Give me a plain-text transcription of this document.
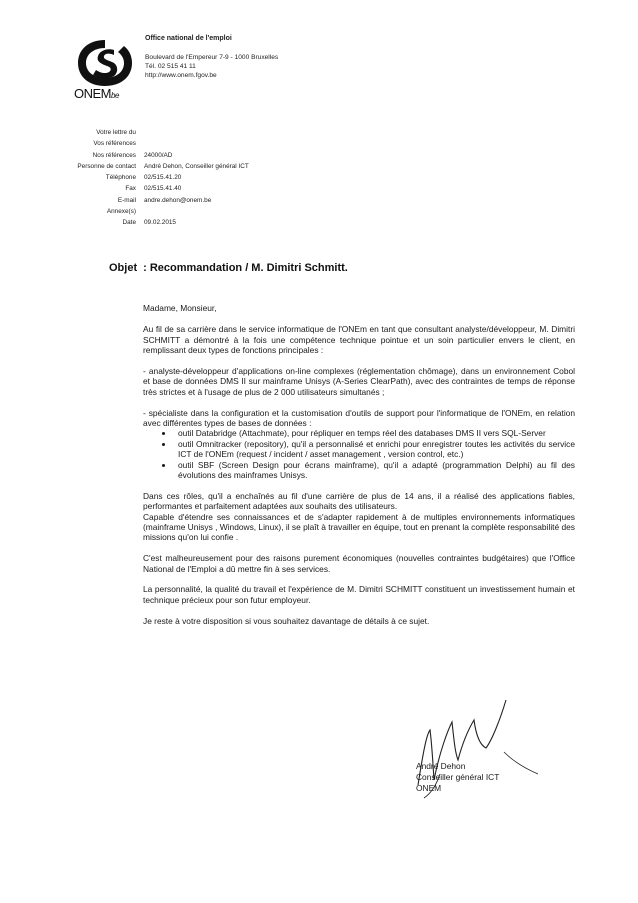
ONEMbe
Office national de l'emploi
Boulevard de l'Empereur 7-9 - 1000 Bruxelles
Tél. 02 515 41 11
http://www.onem.fgov.be
Votre lettre du
Vos références
Nos références	24000/AD
Personne de contact	André Dehon, Conseiller général ICT
Téléphone	02/515.41.20
Fax	02/515.41.40
E-mail	andre.dehon@onem.be
Annexe(s)
Date	09.02.2015
Objet : Recommandation / M. Dimitri Schmitt.

Madame, Monsieur,

Au fil de sa carrière dans le service informatique de l'ONEm en tant que consultant analyste/développeur, M. Dimitri SCHMITT a démontré à la fois une compétence technique pointue et un soin particulier envers le client, en remplissant deux types de fonctions principales :

- analyste-développeur d'applications on-line complexes (réglementation chômage), dans un environnement Cobol et base de données DMS II sur mainframe Unisys (A-Series ClearPath), avec des contraintes de temps de réponse très strictes et à l'usage de plus de 2 000 utilisateurs simultanés ;

- spécialiste dans la configuration et la customisation d'outils de support pour l'informatique de l'ONEm, en relation avec différentes types de bases de données :

• outil Databridge (Attachmate), pour répliquer en temps réel des databases DMS II vers SQL-Server
• outil Omnitracker (repository), qu'il a personnalisé et enrichi pour enregistrer toutes les activités du service ICT de l'ONEm (request / incident / asset management , version control, etc.)
• outil SBF (Screen Design pour écrans mainframe), qu'il a adapté (programmation Delphi) au fil des évolutions des mainframes Unisys.

Dans ces rôles, qu'il a enchaînés au fil d'une carrière de plus de 14 ans, il a réalisé des applications fiables, performantes et parfaitement adaptées aux souhaits des utilisateurs.

Capable d'étendre ses connaissances et de s'adapter rapidement à de multiples environnements informatiques (mainframe Unisys , Windows, Linux), il se plaît à travailler en équipe, tout en prenant la complète responsabilité des missions qu'on lui confie .

C'est malheureusement pour des raisons purement économiques (nouvelles contraintes budgétaires) que l'Office National de l'Emploi a dû mettre fin à ses services.

La personnalité, la qualité du travail et l'expérience de M. Dimitri SCHMITT constituent un investissement humain et technique précieux pour son futur employeur.

Je reste à votre disposition si vous souhaitez davantage de détails à ce sujet.

André Dehon
Conseiller général ICT
ONEM
